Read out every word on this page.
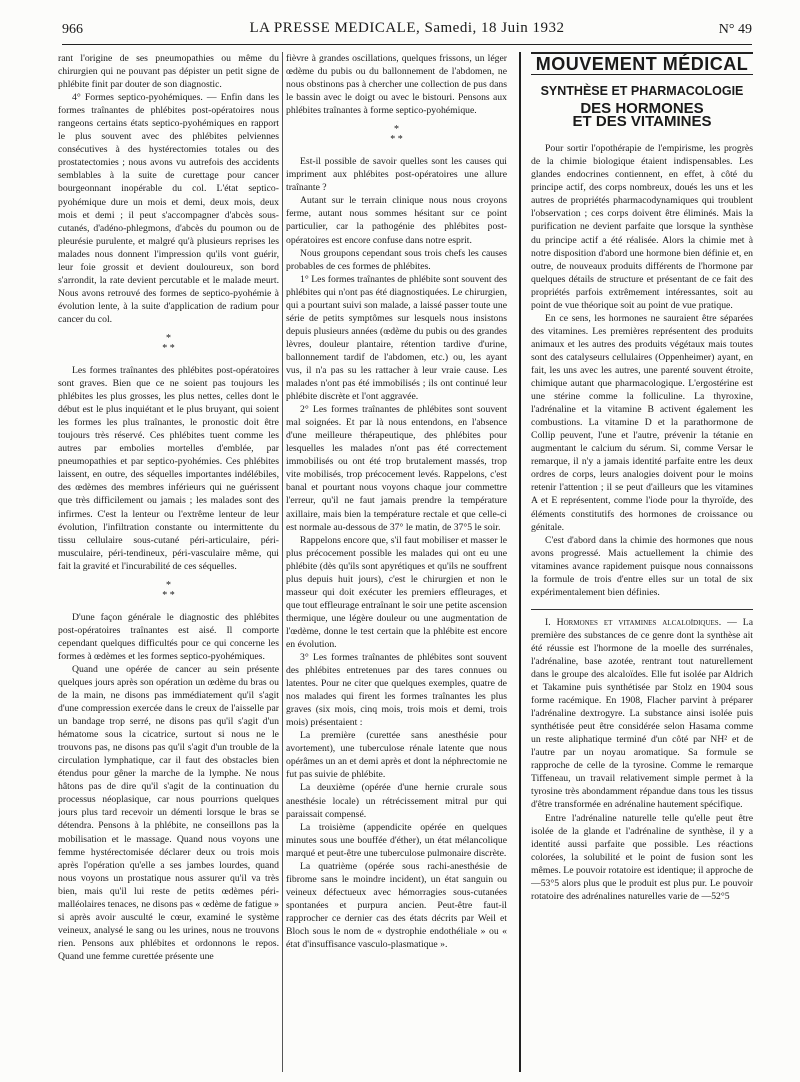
966	LA PRESSE MEDICALE, Samedi, 18 Juin 1932	N° 49

rant l'origine de ses pneumopathies ou même du chirurgien qui ne pouvant pas dépister un petit signe de phlébite finit par douter de son diagnostic.

4° Formes septico-pyohémiques. — Enfin dans les formes traînantes de phlébites post-opératoires nous rangeons certains états septico-pyohémiques en rapport le plus souvent avec des phlébites pelviennes consécutives à des hystérectomies totales ou des prostatectomies ; nous avons vu autrefois des accidents semblables à la suite de curettage pour cancer bourgeonnant inopérable du col. L'état septico-pyohémique dure un mois et demi, deux mois, deux mois et demi ; il peut s'accompagner d'abcès sous-cutanés, d'adéno-phlegmons, d'abcès du poumon ou de pleurésie purulente, et malgré qu'à plusieurs reprises les malades nous donnent l'impression qu'ils vont guérir, leur foie grossit et devient douloureux, son bord s'arrondit, la rate devient percutable et le malade meurt. Nous avons retrouvé des formes de septico-pyohémie à évolution lente, à la suite d'application de radium pour cancer du col.

*
* *

Les formes traînantes des phlébites post-opératoires sont graves. Bien que ce ne soient pas toujours les phlébites les plus grosses, les plus nettes, celles dont le début est le plus inquiétant et le plus bruyant, qui soient les formes les plus traînantes, le pronostic doit être toujours très réservé. Ces phlébites tuent comme les autres par embolies mortelles d'emblée, par pneumopathies et par septico-pyohémies. Ces phlébites laissent, en outre, des séquelles importantes indélébiles, des œdèmes des membres inférieurs qui ne guérissent que très difficilement ou jamais ; les malades sont des infirmes. C'est la lenteur ou l'extrême lenteur de leur évolution, l'infiltration constante ou intermittente du tissu cellulaire sous-cutané péri-articulaire, péri-musculaire, péri-tendineux, péri-vasculaire même, qui fait la gravité et l'incurabilité de ces séquelles.

*
* *

D'une façon générale le diagnostic des phlébites post-opératoires traînantes est aisé. Il comporte cependant quelques difficultés pour ce qui concerne les formes à œdèmes et les formes septico-pyohémiques.

Quand une opérée de cancer au sein présente quelques jours après son opération un œdème du bras ou de la main, ne disons pas immédiatement qu'il s'agit d'une compression exercée dans le creux de l'aisselle par un bandage trop serré, ne disons pas qu'il s'agit d'un hématome sous la cicatrice, surtout si nous ne le trouvons pas, ne disons pas qu'il s'agit d'un trouble de la circulation lymphatique, car il faut des obstacles bien étendus pour gêner la marche de la lymphe. Ne nous hâtons pas de dire qu'il s'agit de la continuation du processus néoplasique, car nous pourrions quelques jours plus tard recevoir un démenti lorsque le bras se détendra. Pensons à la phlébite, ne conseillons pas la mobilisation et le massage. Quand nous voyons une femme hystérectomisée déclarer deux ou trois mois après l'opération qu'elle a ses jambes lourdes, quand nous voyons un prostatique nous assurer qu'il va très bien, mais qu'il lui reste de petits œdèmes péri-malléolaires tenaces, ne disons pas « œdème de fatigue » si après avoir ausculté le cœur, examiné le système veineux, analysé le sang ou les urines, nous ne trouvons rien. Pensons aux phlébites et ordonnons le repos. Quand une femme curettée présente une

fièvre à grandes oscillations, quelques frissons, un léger œdème du pubis ou du ballonnement de l'abdomen, ne nous obstinons pas à chercher une collection de pus dans le bassin avec le doigt ou avec le bistouri. Pensons aux phlébites traînantes à forme septico-pyohémique.

*
* *

Est-il possible de savoir quelles sont les causes qui impriment aux phlébites post-opératoires une allure traînante ?

Autant sur le terrain clinique nous nous croyons ferme, autant nous sommes hésitant sur ce point particulier, car la pathogénie des phlébites post-opératoires est encore confuse dans notre esprit.

Nous groupons cependant sous trois chefs les causes probables de ces formes de phlébites.

1° Les formes traînantes de phlébite sont souvent des phlébites qui n'ont pas été diagnostiquées. Le chirurgien, qui a pourtant suivi son malade, a laissé passer toute une série de petits symptômes sur lesquels nous insistons depuis plusieurs années (œdème du pubis ou des grandes lèvres, douleur plantaire, rétention tardive d'urine, ballonnement tardif de l'abdomen, etc.) ou, les ayant vus, il n'a pas su les rattacher à leur vraie cause. Les malades n'ont pas été immobilisés ; ils ont continué leur phlébite discrète et l'ont aggravée.

2° Les formes traînantes de phlébites sont souvent mal soignées. Et par là nous entendons, en l'absence d'une meilleure thérapeutique, des phlébites pour lesquelles les malades n'ont pas été correctement immobilisés ou ont été trop brutalement massés, trop vite mobilisés, trop précocement levés. Rappelons, c'est banal et pourtant nous voyons chaque jour commettre l'erreur, qu'il ne faut jamais prendre la température axillaire, mais bien la température rectale et que celle-ci est normale au-dessous de 37° le matin, de 37°5 le soir.

Rappelons encore que, s'il faut mobiliser et masser le plus précocement possible les malades qui ont eu une phlébite (dès qu'ils sont apyrétiques et qu'ils ne souffrent plus depuis huit jours), c'est le chirurgien et non le masseur qui doit exécuter les premiers effleurages, et que tout effleurage entraînant le soir une petite ascension thermique, une légère douleur ou une augmentation de l'œdème, donne le test certain que la phlébite est encore en évolution.

3° Les formes traînantes de phlébites sont souvent des phlébites entretenues par des tares connues ou latentes. Pour ne citer que quelques exemples, quatre de nos malades qui firent les formes traînantes les plus graves (six mois, cinq mois, trois mois et demi, trois mois) présentaient :

La première (curettée sans anesthésie pour avortement), une tuberculose rénale latente que nous opérâmes un an et demi après et dont la néphrectomie ne fut pas suivie de phlébite.

La deuxième (opérée d'une hernie crurale sous anesthésie locale) un rétrécissement mitral pur qui paraissait compensé.

La troisième (appendicite opérée en quelques minutes sous une bouffée d'éther), un état mélancolique marqué et peut-être une tuberculose pulmonaire discrète.

La quatrième (opérée sous rachi-anesthésie de fibrome sans le moindre incident), un état sanguin ou veineux défectueux avec hémorragies sous-cutanées spontanées et purpura ancien. Peut-être faut-il rapprocher ce dernier cas des états décrits par Weil et Bloch sous le nom de « dystrophie endothéliale » ou « état d'insuffisance vasculo-plasmatique ».

MOUVEMENT MÉDICAL
SYNTHÈSE ET PHARMACOLOGIE
DES HORMONES
ET DES VITAMINES

Pour sortir l'opothérapie de l'empirisme, les progrès de la chimie biologique étaient indispensables. Les glandes endocrines contiennent, en effet, à côté du principe actif, des corps nombreux, doués les uns et les autres de propriétés pharmacodynamiques qui troublent l'observation ; ces corps doivent être éliminés. Mais la purification ne devient parfaite que lorsque la synthèse du principe actif a été réalisée. Alors la chimie met à notre disposition d'abord une hormone bien définie et, en outre, de nouveaux produits différents de l'hormone par quelques détails de structure et présentant de ce fait des propriétés parfois extrêmement intéressantes, soit au point de vue théorique soit au point de vue pratique.

En ce sens, les hormones ne sauraient être séparées des vitamines. Les premières représentent des produits animaux et les autres des produits végétaux mais toutes sont des catalyseurs cellulaires (Oppenheimer) ayant, en fait, les uns avec les autres, une parenté souvent étroite, chimique autant que pharmacologique. L'ergostérine est une stérine comme la folliculine. La thyroxine, l'adrénaline et la vitamine B activent également les combustions. La vitamine D et la parathormone de Collip peuvent, l'une et l'autre, prévenir la tétanie en augmentant le calcium du sérum. Si, comme Versar le remarque, il n'y a jamais identité parfaite entre les deux ordres de corps, leurs analogies doivent pour le moins retenir l'attention ; il se peut d'ailleurs que les vitamines A et E représentent, comme l'iode pour la thyroïde, des éléments constitutifs des hormones de croissance ou génitale.

C'est d'abord dans la chimie des hormones que nous avons progressé. Mais actuellement la chimie des vitamines avance rapidement puisque nous connaissons la formule de trois d'entre elles sur un total de six expérimentalement bien définies.

I. Hormones et vitamines alcaloïdiques. — La première des substances de ce genre dont la synthèse ait été réussie est l'hormone de la moelle des surrénales, l'adrénaline, base azotée, rentrant tout naturellement dans le groupe des alcaloïdes. Elle fut isolée par Aldrich et Takamine puis synthétisée par Stolz en 1904 sous forme racémique. En 1908, Flacher parvint à préparer l'adrénaline dextrogyre. La substance ainsi isolée puis synthétisée peut être considérée selon Hasama comme un reste aliphatique terminé d'un côté par NH² et de l'autre par un noyau aromatique. Sa formule se rapproche de celle de la tyrosine. Comme le remarque Tiffeneau, un travail relativement simple permet à la tyrosine très abondamment répandue dans tous les tissus d'être transformée en adrénaline hautement spécifique.

Entre l'adrénaline naturelle telle qu'elle peut être isolée de la glande et l'adrénaline de synthèse, il y a identité aussi parfaite que possible. Les réactions colorées, la solubilité et le point de fusion sont les mêmes. Le pouvoir rotatoire est identique; il approche de —53°5 alors plus que le produit est plus pur. Le pouvoir rotatoire des adrénalines naturelles varie de —52°5
